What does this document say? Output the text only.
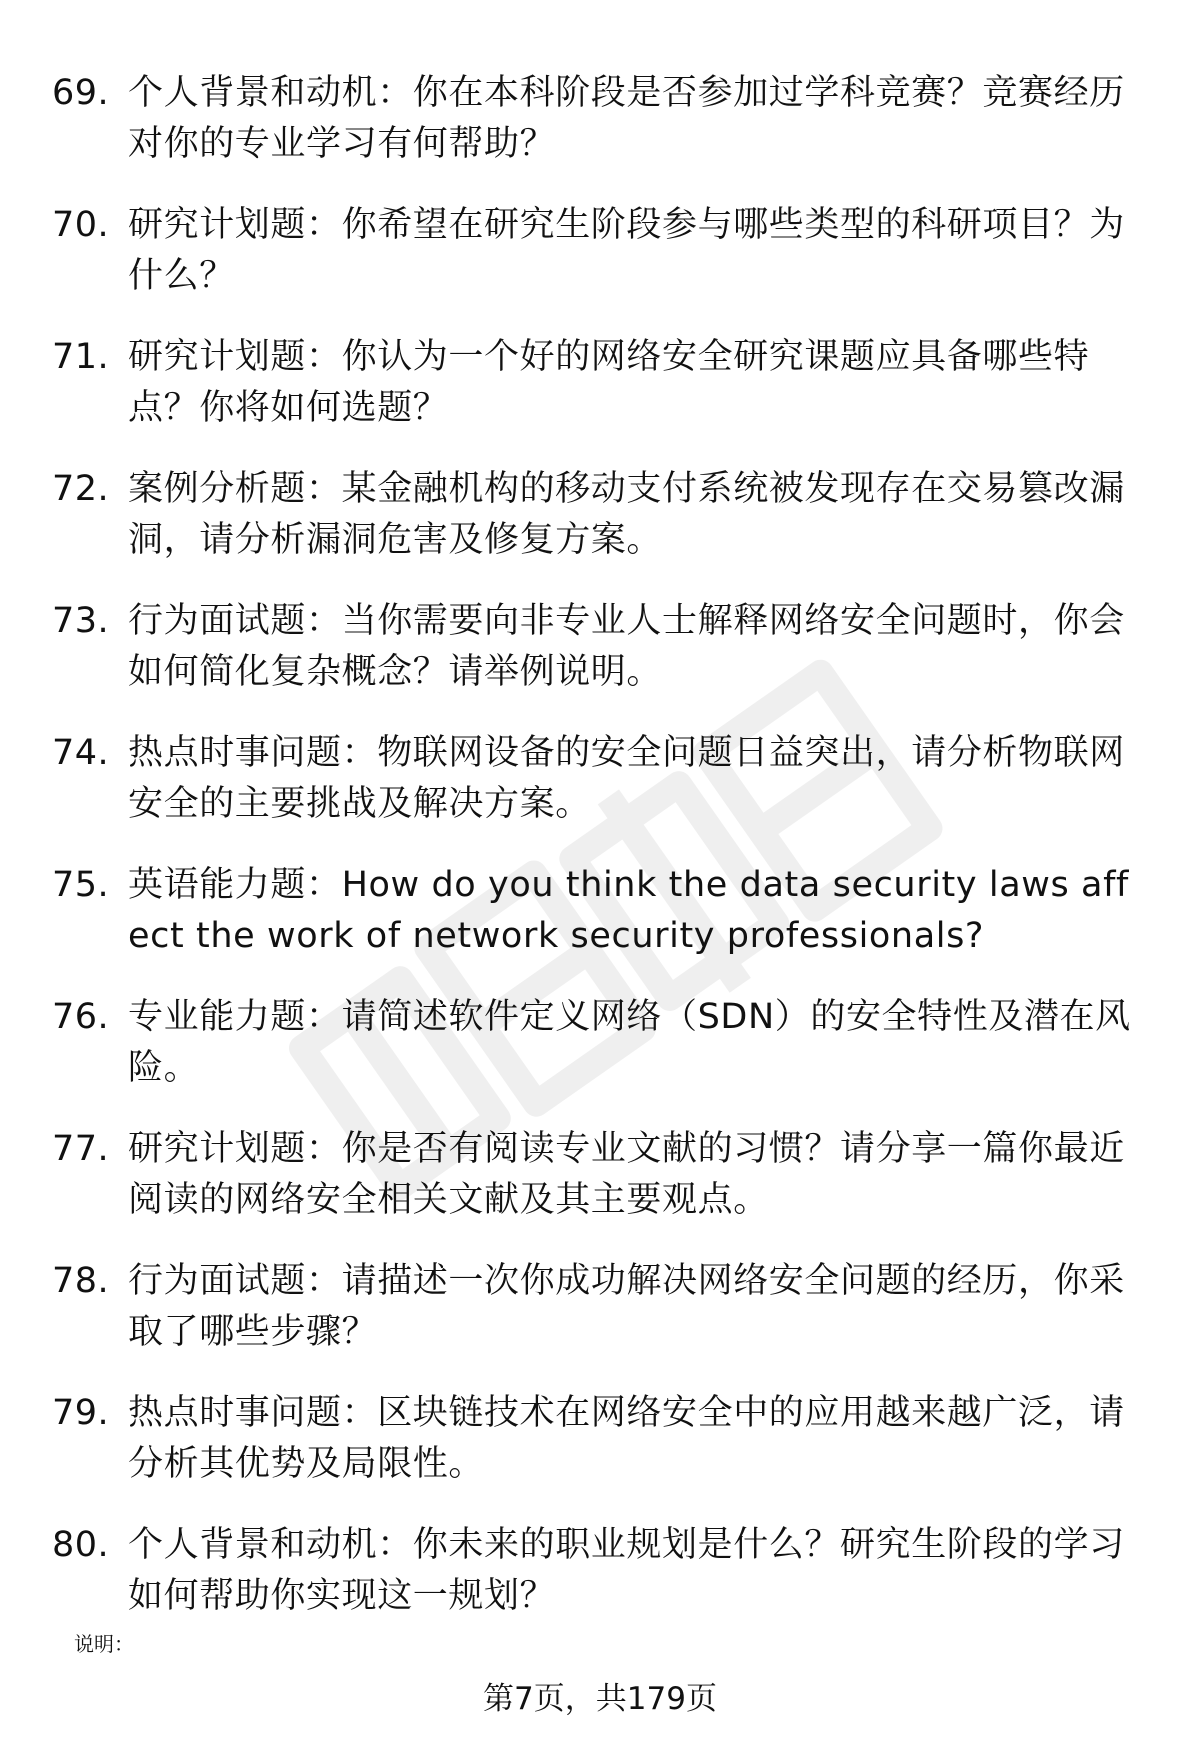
69. 个人背景和动机：你在本科阶段是否参加过学科竞赛？竞赛经历对你的专业学习有何帮助？
70. 研究计划题：你希望在研究生阶段参与哪些类型的科研项目？为什么？
71. 研究计划题：你认为一个好的网络安全研究课题应具备哪些特点？你将如何选题？
72. 案例分析题：某金融机构的移动支付系统被发现存在交易篡改漏洞，请分析漏洞危害及修复方案。
73. 行为面试题：当你需要向非专业人士解释网络安全问题时，你会如何简化复杂概念？请举例说明。
74. 热点时事问题：物联网设备的安全问题日益突出，请分析物联网安全的主要挑战及解决方案。
75. 英语能力题：How do you think the data security laws affect the work of network security professionals?
76. 专业能力题：请简述软件定义网络（SDN）的安全特性及潜在风险。
77. 研究计划题：你是否有阅读专业文献的习惯？请分享一篇你最近阅读的网络安全相关文献及其主要观点。
78. 行为面试题：请描述一次你成功解决网络安全问题的经历，你采取了哪些步骤？
79. 热点时事问题：区块链技术在网络安全中的应用越来越广泛，请分析其优势及局限性。
80. 个人背景和动机：你未来的职业规划是什么？研究生阶段的学习如何帮助你实现这一规划？
说明：
第7页，共179页
